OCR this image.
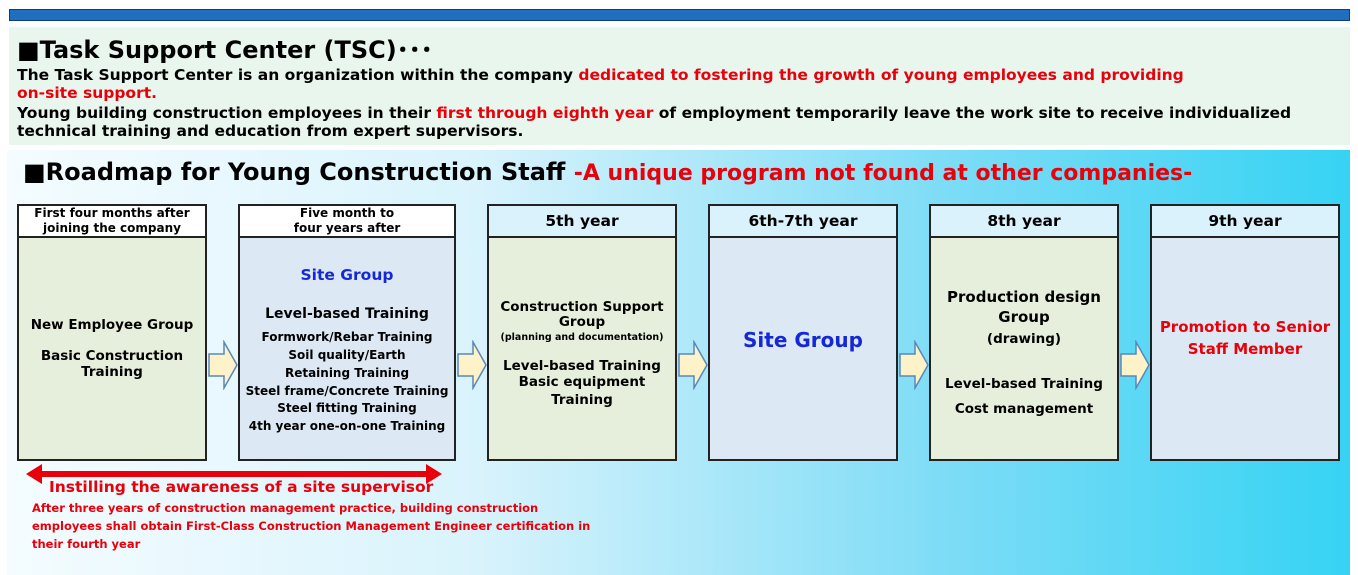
■Task Support Center (TSC)･･･
The Task Support Center is an organization within the company dedicated to fostering the growth of young employees and providing
on-site support.
Young building construction employees in their first through eighth year of employment temporarily leave the work site to receive individualized
technical training and education from expert supervisors.
■Roadmap for Young Construction Staff -A unique program not found at other companies-
First four months after
joining the company
New Employee Group
Basic Construction
Training
Five month to
four years after
Site Group
Level-based Training
Formwork/Rebar Training
Soil quality/Earth
Retaining Training
Steel frame/Concrete Training
Steel fitting Training
4th year one-on-one Training
5th year
Construction Support
Group
(planning and documentation)
Level-based Training
Basic equipment
Training
6th-7th year
Site Group
8th year
Production design
Group
(drawing)
Level-based Training
Cost management
9th year
Promotion to Senior
Staff Member
Instilling the awareness of a site supervisor
After three years of construction management practice, building construction
employees shall obtain First-Class Construction Management Engineer certification in
their fourth year
